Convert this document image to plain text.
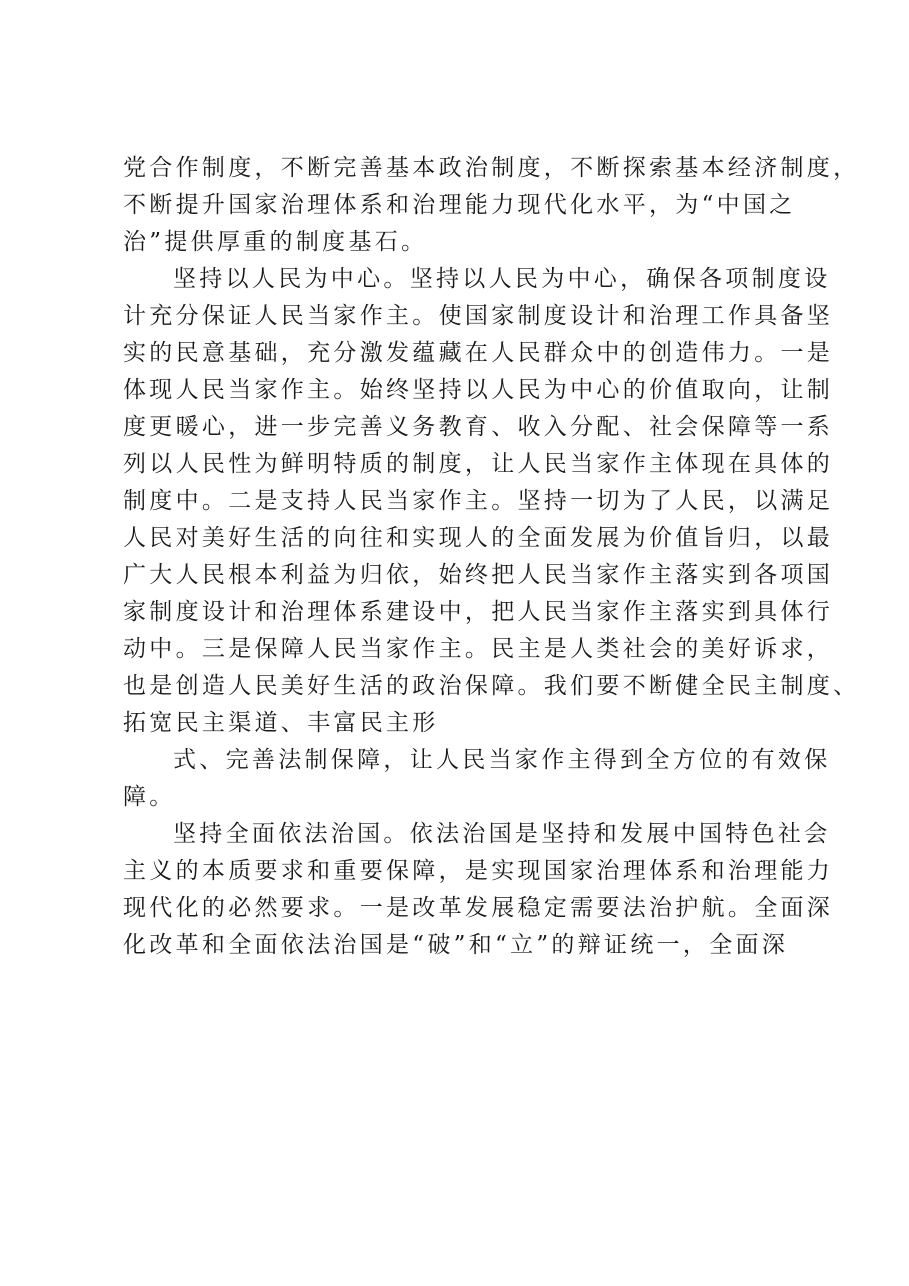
党合作制度，不断完善基本政治制度，不断探索基本经济制度，
不断提升国家治理体系和治理能力现代化水平，为“中国之
治”提供厚重的制度基石。
坚持以人民为中心。坚持以人民为中心，确保各项制度设
计充分保证人民当家作主。使国家制度设计和治理工作具备坚
实的民意基础，充分激发蕴藏在人民群众中的创造伟力。一是
体现人民当家作主。始终坚持以人民为中心的价值取向，让制
度更暖心，进一步完善义务教育、收入分配、社会保障等一系
列以人民性为鲜明特质的制度，让人民当家作主体现在具体的
制度中。二是支持人民当家作主。坚持一切为了人民，以满足
人民对美好生活的向往和实现人的全面发展为价值旨归，以最
广大人民根本利益为归依，始终把人民当家作主落实到各项国
家制度设计和治理体系建设中，把人民当家作主落实到具体行
动中。三是保障人民当家作主。民主是人类社会的美好诉求，
也是创造人民美好生活的政治保障。我们要不断健全民主制度、
拓宽民主渠道、丰富民主形
式、完善法制保障，让人民当家作主得到全方位的有效保
障。
坚持全面依法治国。依法治国是坚持和发展中国特色社会
主义的本质要求和重要保障，是实现国家治理体系和治理能力
现代化的必然要求。一是改革发展稳定需要法治护航。全面深
化改革和全面依法治国是“破”和“立”的辩证统一，全面深
